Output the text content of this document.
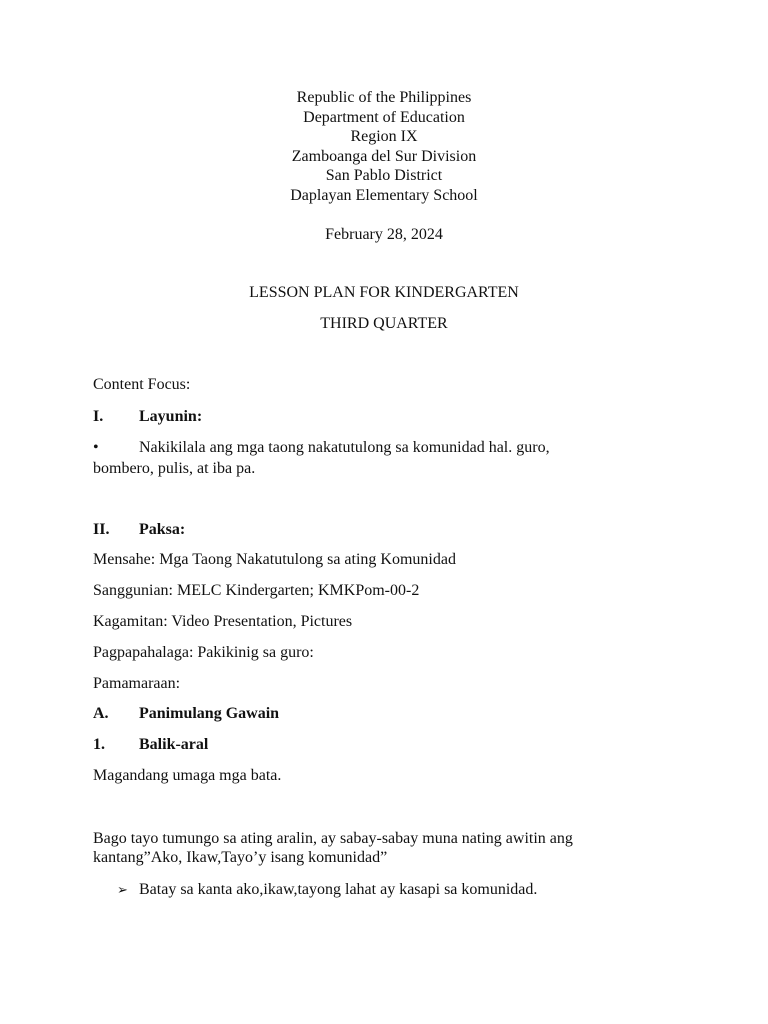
Republic of the Philippines
Department of Education
Region IX
Zamboanga del Sur Division
San Pablo District
Daplayan Elementary School
February 28, 2024
LESSON PLAN FOR KINDERGARTEN
THIRD QUARTER
Content Focus:
I. Layunin:
•	Nakikilala ang mga taong nakatutulong sa komunidad hal. guro,
bombero, pulis, at iba pa.
II. Paksa:
Mensahe: Mga Taong Nakatutulong sa ating Komunidad
Sanggunian: MELC Kindergarten; KMKPom-00-2
Kagamitan: Video Presentation, Pictures
Pagpapahalaga: Pakikinig sa guro:
Pamamaraan:
A. Panimulang Gawain
1. Balik-aral
Magandang umaga mga bata.
Bago tayo tumungo sa ating aralin, ay sabay-sabay muna nating awitin ang
kantang”Ako, Ikaw,Tayo’y isang komunidad”
➢ Batay sa kanta ako,ikaw,tayong lahat ay kasapi sa komunidad.
